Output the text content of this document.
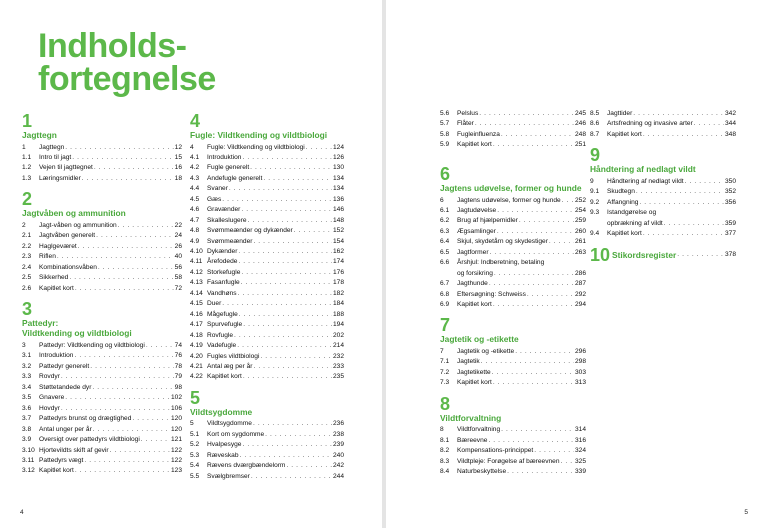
Indholds-
fortegnelse
1
Jagttegn
1	Jagttegn . . .	12
1.1	Intro til jagt . . .	15
1.2	Vejen til jagttegnet . . .	16
1.3	Læringsmidler . . .	18
2
Jagtvåben og ammunition
2	Jagt-våben og ammunition . . .	22
2.1	Jagtvåben generelt . . .	24
2.2	Haglgeværet . . .	26
2.3	Riflen . . .	40
2.4	Kombinationsvåben . . .	56
2.5	Sikkerhed . . .	58
2.6	Kapitlet kort . . .	72
3
Pattedyr:
Vildtkending og vildtbiologi
3	Pattedyr: Vildtkending og vildtbiologi . . .	74
3.1	Introduktion . . .	76
3.2	Pattedyr generelt . . .	78
3.3	Rovdyr . . .	79
3.4	Støttetandede dyr . . .	98
3.5	Gnavere . . .	102
3.6	Hovdyr . . .	106
3.7	Pattedyrs brunst og drægtighed . . .	120
3.8	Antal unger per år . . .	120
3.9	Oversigt over pattedyrs vildtbiologi . . .	121
3.10 Hjortevildts skift af gevir . . .	122
3.11 Pattedyrs vægt . . .	122
3.12 Kapitlet kort . . .	123
4
Fugle: Vildtkending og vildtbiologi
4	Fugle: Vildtkending og vildtbiologi . . .	124
4.1	Introduktion . . .	126
4.2	Fugle generelt . . .	130
4.3	Andefugle generelt . . .	134
4.4	Svaner . . .	134
4.5	Gæs . . .	136
4.6	Gravænder . . .	146
4.7	Skalleslugere . . .	148
4.8	Svømmeænder og dykænder . . .	152
4.9	Svømmeænder . . .	154
4.10 Dykænder . . .	162
4.11 Årefodede . . .	174
4.12 Storkefugle . . .	176
4.13 Fasanfugle . . .	178
4.14 Vandhøns . . .	182
4.15 Duer . . .	184
4.16 Mågefugle . . .	188
4.17 Spurvefugle . . .	194
4.18 Rovfugle . . .	202
4.19 Vadefugle . . .	214
4.20 Fugles vildtbiologi . . .	232
4.21 Antal æg per år . . .	233
4.22 Kapitlet kort . . .	235
5
Vildtsygdomme
5	Vildtsygdomme . . .	236
5.1	Kort om sygdomme . . .	238
5.2	Hvalpesyge . . .	239
5.3	Ræveskab . . .	240
5.4	Rævens dværgbændelorm . . .	242
5.5	Svælgbremser . . .	244
4
5.6	Pelslus . . .	245
5.7	Flåter . . .	246
5.8	Fugleinfluenza . . .	248
5.9	Kapitlet kort . . .	251
6
Jagtens udøvelse, former og hunde
6	Jagtens udøvelse, former og hunde . . . 252
6.1	Jagtudøvelse . . .	254
6.2	Brug af hjælpemidler . . .	259
6.3	Ægsamlinger . . .	260
6.4	Skjul, skydetårn og skydestiger . . .	261
6.5	Jagtformer . . .	263
6.6	Årshjul: Indberetning, betaling
og forsikring . . .	286
6.7	Jagthunde . . .	287
6.8	Eftersøgning: Schweiss . . .	292
6.9	Kapitlet kort . . .	294
7
Jagtetik og -etikette
7	Jagtetik og -etikette . . .	296
7.1	Jagtetik . . .	298
7.2	Jagtetikette . . .	303
7.3	Kapitlet kort . . .	313
8
Vildtforvaltning
8	Vildtforvaltning . . .	314
8.1	Bæreevne . . .	316
8.2	Kompensations-princippet . . .	324
8.3	Vildtpleje: Forøgelse af bæreevnen . . . 325
8.4	Naturbeskyttelse . . .	339
8.5	Jagttider . . .	342
8.6	Artsfredning og invasive arter . . .	344
8.7	Kapitlet kort . . .	348
9
Håndtering af nedlagt vildt
9	Håndtering af nedlagt vildt . . .	350
9.1	Skudtegn . . .	352
9.2	Affangning . . .	356
9.3	Istandgørelse og
opbrækning af vildt . . .	359
9.4	Kapitlet kort . . .	377
10 Stikordsregister . . .	378
5
